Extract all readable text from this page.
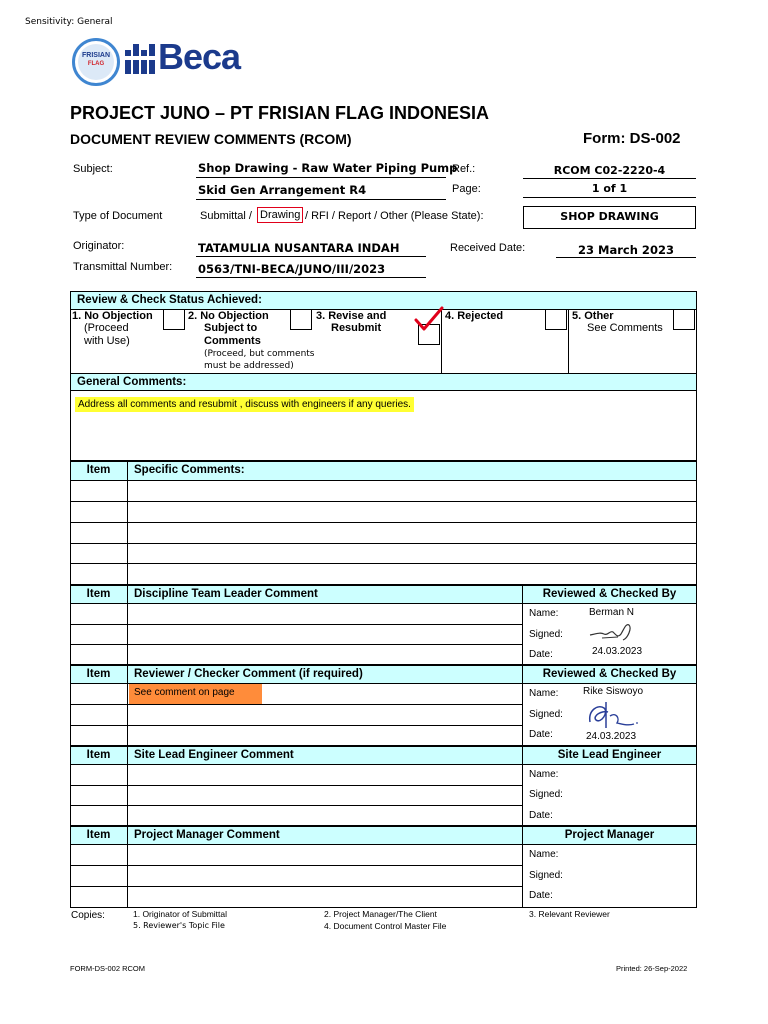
Sensitivity: General
FRISIAN
FLAG Beca
PROJECT JUNO – PT FRISIAN FLAG INDONESIA
DOCUMENT REVIEW COMMENTS (RCOM)	Form: DS-002
Subject:	Shop Drawing - Raw Water Piping Pump
Skid Gen Arrangement R4
Ref.:	RCOM C02-2220-4
Page:	1 of 1
Type of Document	Submittal / Drawing / RFI / Report / Other (Please State):	SHOP DRAWING
Originator:	TATAMULIA NUSANTARA INDAH	Received Date:	23 March 2023
Transmittal Number: 0563/TNI-BECA/JUNO/III/2023
Review & Check Status Achieved:
1. No Objection
(Proceed
with Use)
2. No Objection
Subject to
Comments
(Proceed, but comments
must be addressed)
3. Revise and
Resubmit
4. Rejected	5. Other
See Comments
General Comments:
Address all comments and resubmit , discuss with engineers if any queries.
Item	Specific Comments:
Item	Discipline Team Leader Comment	Reviewed & Checked By
Name:	Berman N
Signed:
Date:	24.03.2023
Item	Reviewer / Checker Comment (if required)	Reviewed & Checked By
See comment on page	Name: Rike Siswoyo
Signed:
Date:	24.03.2023
Item	Site Lead Engineer Comment	Site Lead Engineer
Name:
Signed:
Date:
Item	Project Manager Comment	Project Manager
Name:
Signed:
Date:
Copies:	1. Originator of Submittal
5. Reviewer's Topic File
2. Project Manager/The Client
4. Document Control Master File
3. Relevant Reviewer
FORM-DS-002 RCOM	Printed: 26-Sep-2022
